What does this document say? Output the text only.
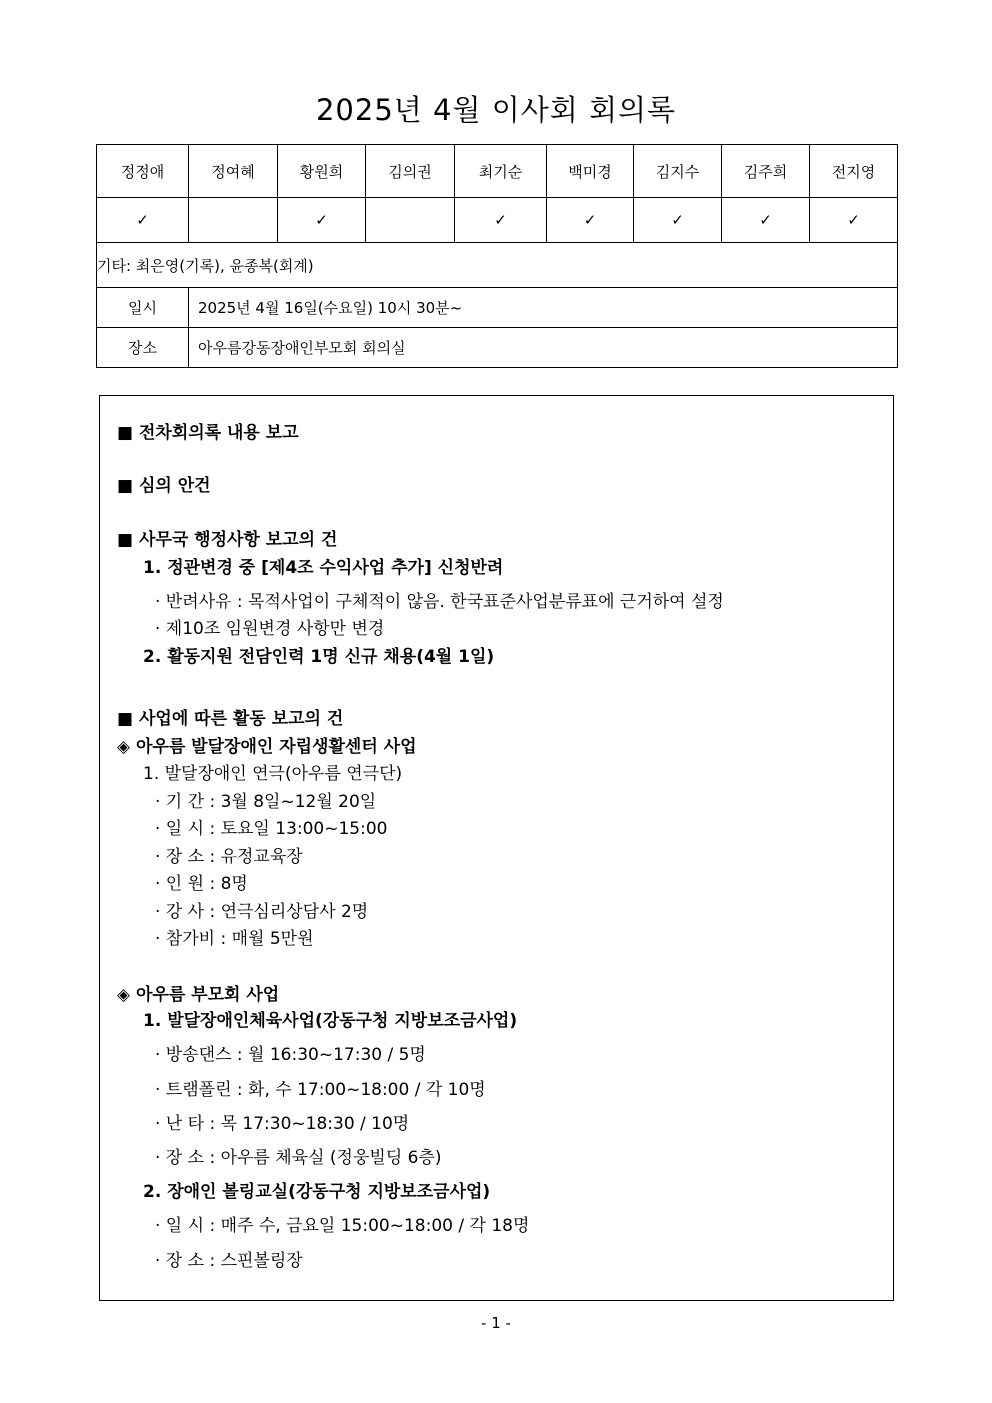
2025년 4월 이사회 회의록
정정애	정여혜	황원희	김의권	최기순	백미경	김지수	김주희	전지영
✓		✓		✓	✓	✓	✓	✓
기타: 최은영(기록), 윤종복(회계)								
일시	2025년 4월 16일(수요일) 10시 30분~							
장소	아우름강동장애인부모회 회의실							
■ 전차회의록 내용 보고
■ 심의 안건
■ 사무국 행정사항 보고의 건
1. 정관변경 중 [제4조 수익사업 추가] 신청반려
· 반려사유 : 목적사업이 구체적이 않음. 한국표준사업분류표에 근거하여 설정
· 제10조 임원변경 사항만 변경
2. 활동지원 전담인력 1명 신규 채용(4월 1일)
■ 사업에 따른 활동 보고의 건
◈ 아우름 발달장애인 자립생활센터 사업
1. 발달장애인 연극(아우름 연극단)
· 기 간 : 3월 8일~12월 20일
· 일 시 : 토요일 13:00~15:00
· 장 소 : 유정교육장
· 인 원 : 8명
· 강 사 : 연극심리상담사 2명
· 참가비 : 매월 5만원
◈ 아우름 부모회 사업
1. 발달장애인체육사업(강동구청 지방보조금사업)
· 방송댄스 : 월 16:30~17:30 / 5명
· 트램폴린 : 화, 수 17:00~18:00 / 각 10명
· 난 타 : 목 17:30~18:30 / 10명
· 장 소 : 아우름 체육실 (정웅빌딩 6층)
2. 장애인 볼링교실(강동구청 지방보조금사업)
· 일 시 : 매주 수, 금요일 15:00~18:00 / 각 18명
· 장 소 : 스핀볼링장
- 1 -
